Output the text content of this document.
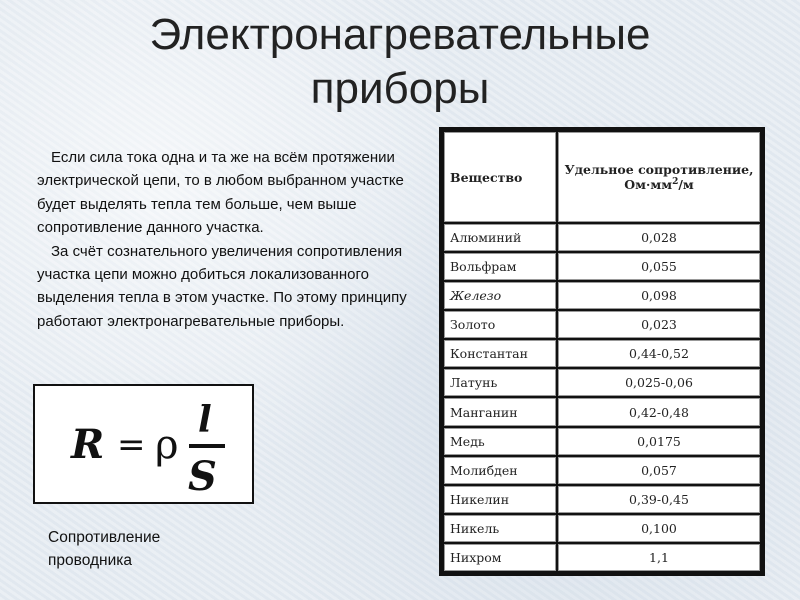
Электронагревательные
приборы

Если сила тока одна и та же на всём протяжении электрической цепи, то в любом выбранном участке будет выделять тепла тем больше, чем выше сопротивление данного участка.

За счёт сознательного увеличения сопротивления участка цепи можно добиться локализованного выделения тепла в этом участке. По этому принципу работают электронагревательные приборы.

R = ρ
l
S
Сопротивление
проводника
Вещество	Удельное сопротивление,
$Ом\cdot мм^2/м$
Алюминий	0,028
Вольфрам	0,055
Железо	0,098
Золото	0,023
Константан	0,44-0,52
Латунь	0,025-0,06
Манганин	0,42-0,48
Медь	0,0175
Молибден	0,057
Никелин	0,39-0,45
Никель	0,100
Нихром	1,1
